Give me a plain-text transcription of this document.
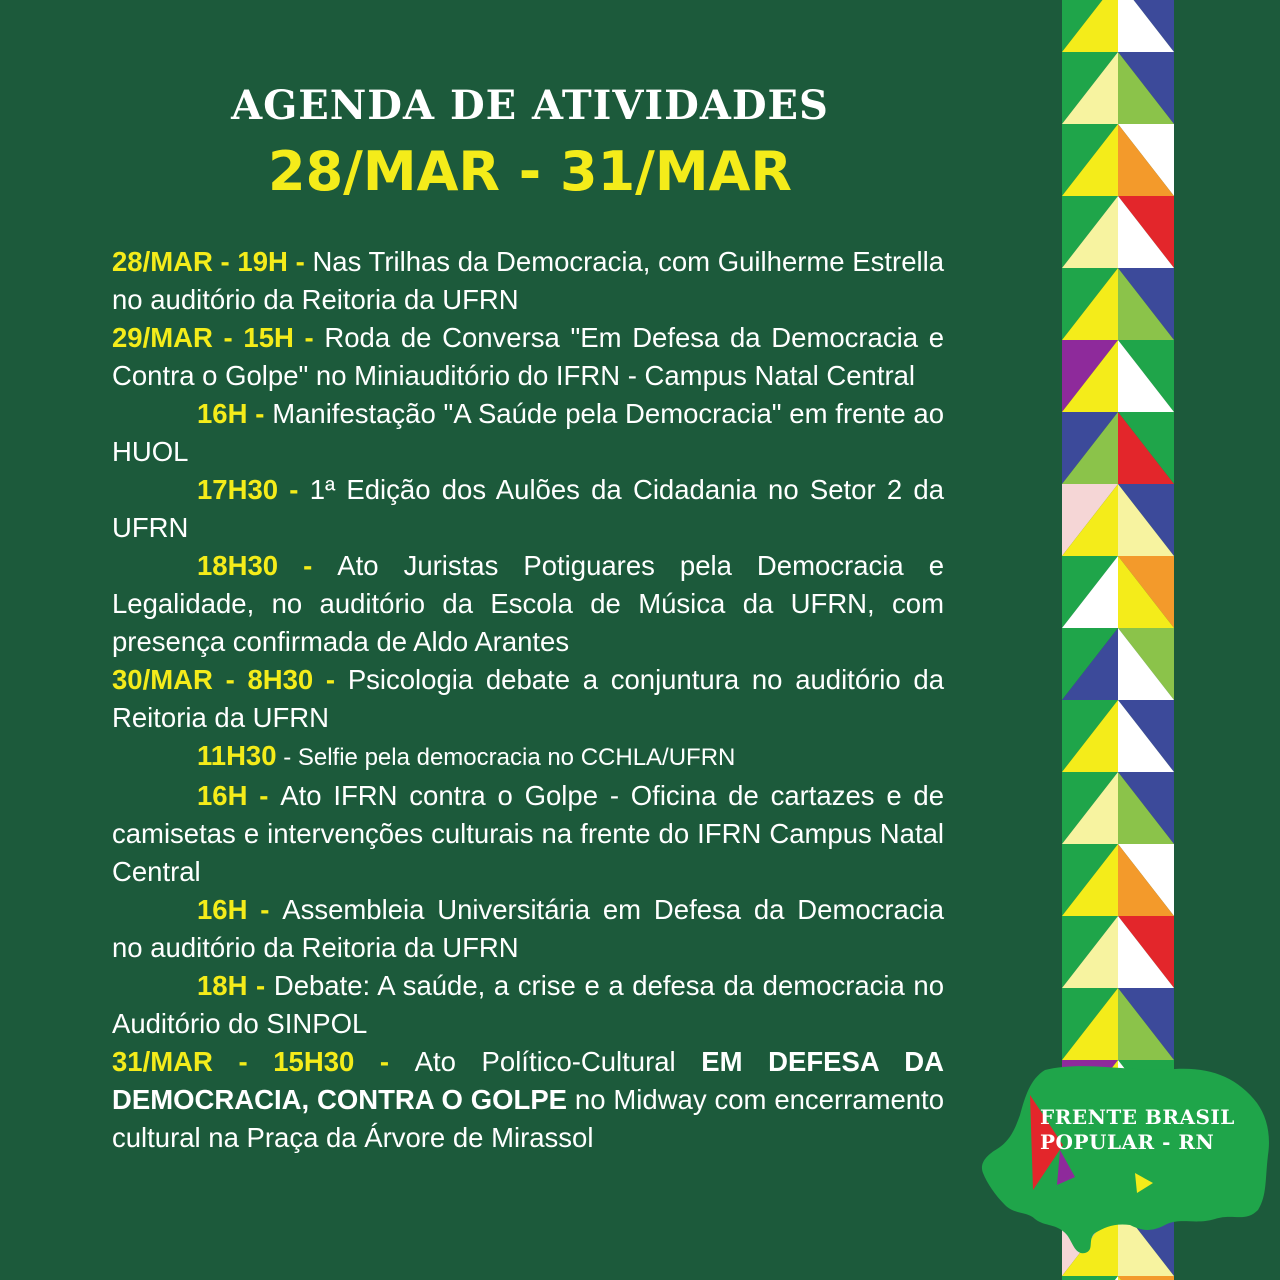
AGENDA DE ATIVIDADES
28/MAR - 31/MAR

28/MAR - 19H - Nas Trilhas da Democracia, com Guilherme Estrella no auditório da Reitoria da UFRN

29/MAR - 15H - Roda de Conversa "Em Defesa da Democracia e Contra o Golpe" no Miniauditório do IFRN - Campus Natal Central

16H - Manifestação "A Saúde pela Democracia" em frente ao HUOL

17H30 - 1ª Edição dos Aulões da Cidadania no Setor 2 da UFRN

18H30 - Ato Juristas Potiguares pela Democracia e Legalidade, no auditório da Escola de Música da UFRN, com presença confirmada de Aldo Arantes

30/MAR - 8H30 - Psicologia debate a conjuntura no auditório da Reitoria da UFRN

11H30 - Selfie pela democracia no CCHLA/UFRN

16H - Ato IFRN contra o Golpe - Oficina de cartazes e de camisetas e intervenções culturais na frente do IFRN Campus Natal Central

16H - Assembleia Universitária em Defesa da Democracia no auditório da Reitoria da UFRN

18H - Debate: A saúde, a crise e a defesa da democracia no Auditório do SINPOL

31/MAR - 15H30 - Ato Político-Cultural EM DEFESA DA DEMOCRACIA, CONTRA O GOLPE no Midway com encerramento cultural na Praça da Árvore de Mirassol

FRENTE BRASIL
POPULAR - RN
